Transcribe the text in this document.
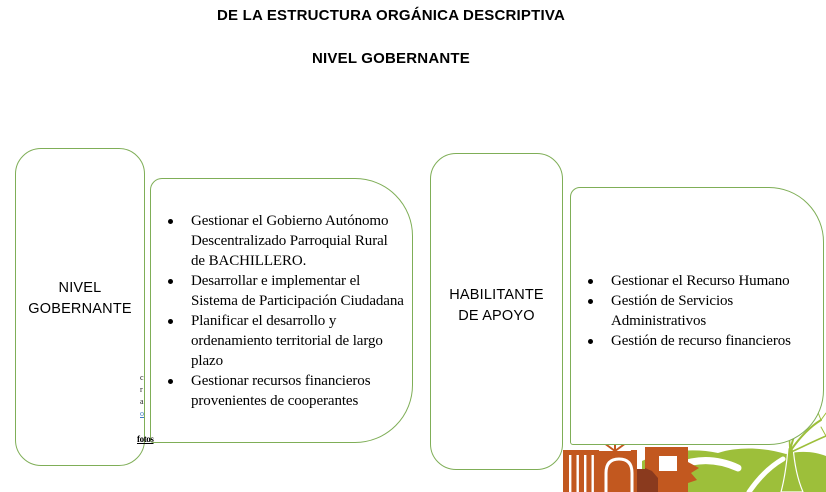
DE LA ESTRUCTURA ORGÁNICA DESCRIPTIVA
NIVEL GOBERNANTE
NIVEL
GOBERNANTE
Gestionar el Gobierno Autónomo Descentralizado Parroquial Rural de BACHILLERO.
Desarrollar e implementar el Sistema de Participación Ciudadana
Planificar el desarrollo y ordenamiento territorial de largo plazo
Gestionar recursos financieros provenientes de cooperantes
HABILITANTE
DE APOYO
Gestionar el Recurso Humano
Gestión de Servicios Administrativos
Gestión de recurso financieros
c
r
a
o
fotos
